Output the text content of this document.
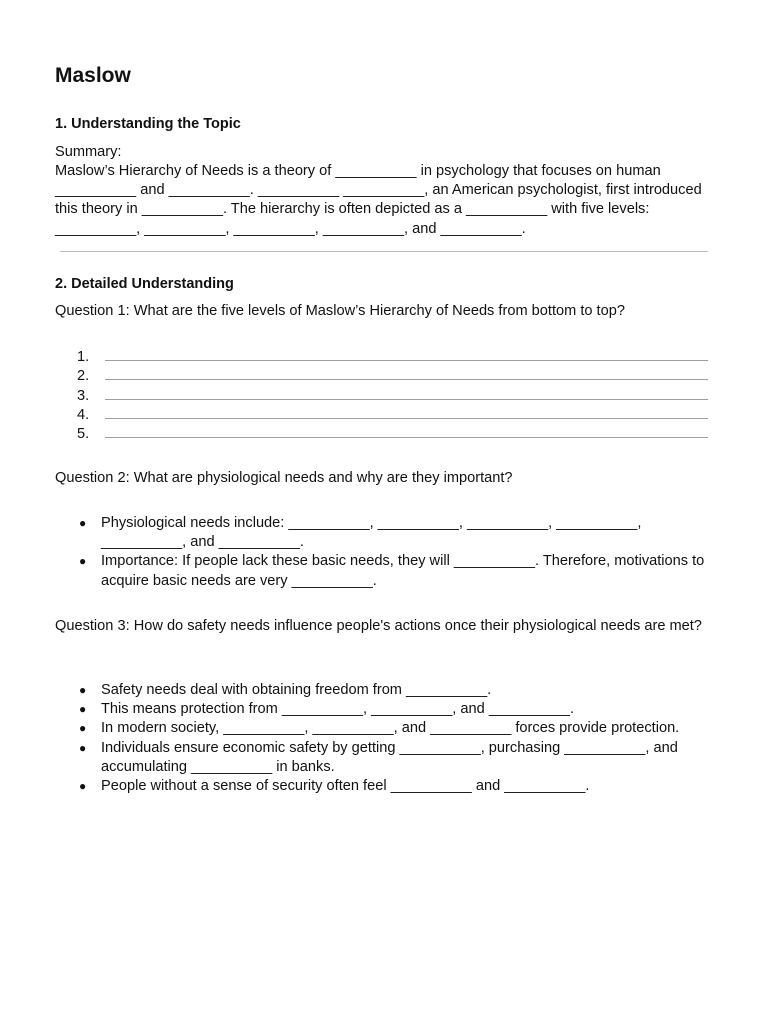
Maslow
1. Understanding the Topic

Summary:

Maslow’s Hierarchy of Needs is a theory of __________ in psychology that focuses on human __________ and __________. __________ __________, an American psychologist, first introduced this theory in __________. The hierarchy is often depicted as a __________ with five levels: __________, __________, __________, __________, and __________.

2. Detailed Understanding

Question 1: What are the five levels of Maslow’s Hierarchy of Needs from bottom to top?

1.
2.
3.
4.
5.

Question 2: What are physiological needs and why are they important?

● Physiological needs include: __________, __________, __________, __________, __________, and __________.
● Importance: If people lack these basic needs, they will __________. Therefore, motivations to acquire basic needs are very __________.

Question 3: How do safety needs influence people's actions once their physiological needs are met?

● Safety needs deal with obtaining freedom from __________.
● This means protection from __________, __________, and __________.
● In modern society, __________, __________, and __________ forces provide protection.
● Individuals ensure economic safety by getting __________, purchasing __________, and accumulating __________ in banks.
● People without a sense of security often feel __________ and __________.
